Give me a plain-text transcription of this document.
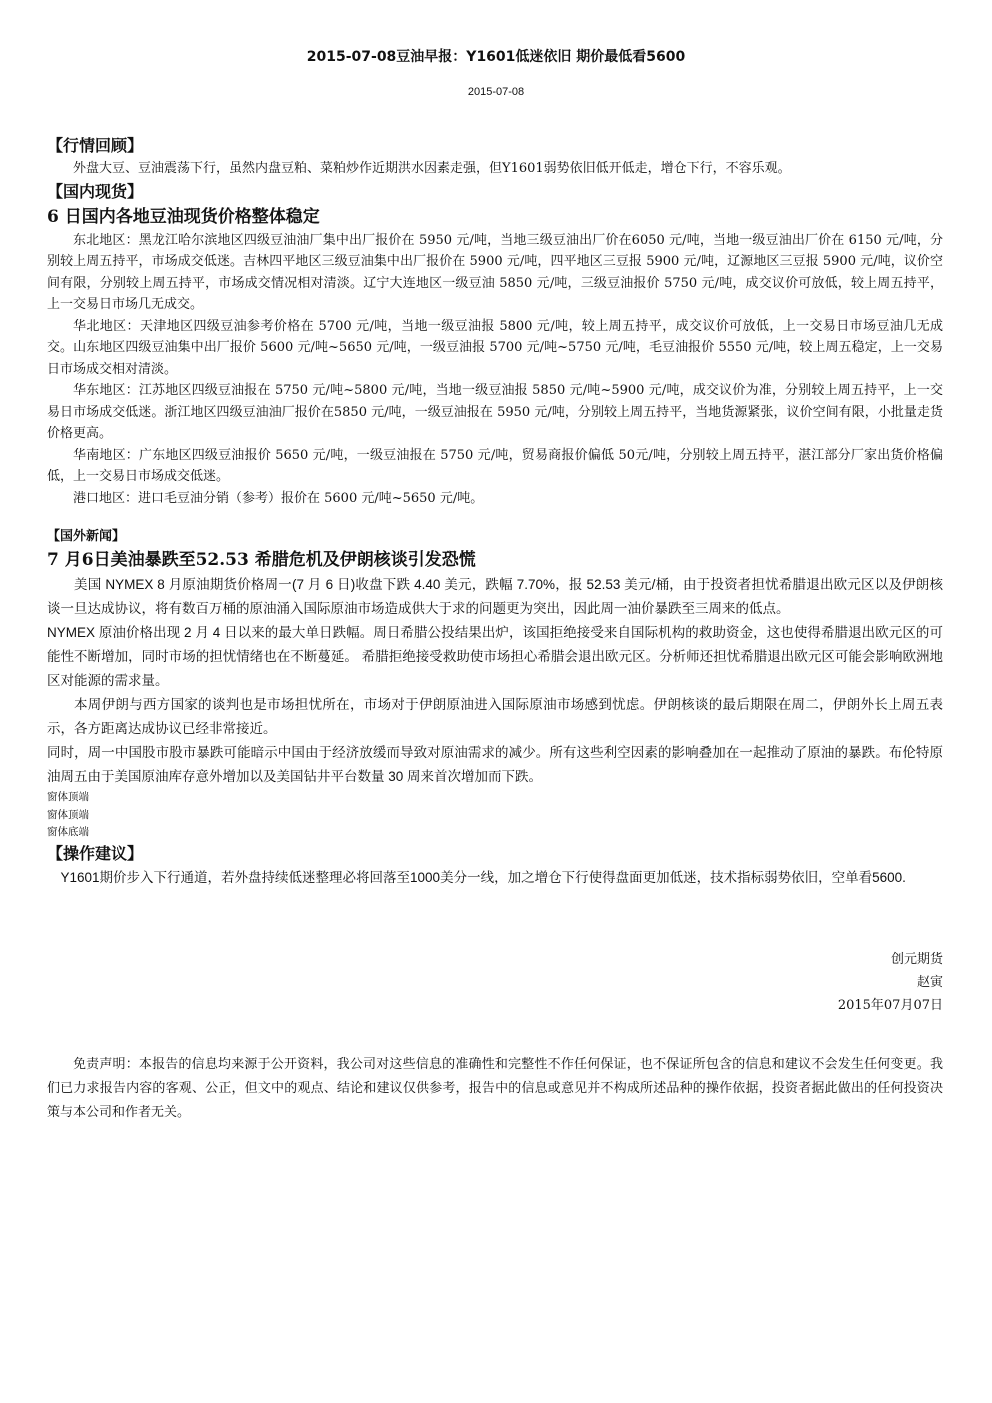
2015-07-08豆油早报：Y1601低迷依旧 期价最低看5600
2015-07-08
【行情回顾】

外盘大豆、豆油震荡下行，虽然内盘豆粕、菜粕炒作近期洪水因素走强，但Y1601弱势依旧低开低走，增仓下行，不容乐观。

【国内现货】
6 日国内各地豆油现货价格整体稳定

东北地区：黑龙江哈尔滨地区四级豆油油厂集中出厂报价在 5950 元/吨，当地三级豆油出厂价在6050 元/吨，当地一级豆油出厂价在 6150 元/吨，分别较上周五持平，市场成交低迷。吉林四平地区三级豆油集中出厂报价在 5900 元/吨，四平地区三豆报 5900 元/吨，辽源地区三豆报 5900 元/吨，议价空间有限，分别较上周五持平，市场成交情况相对清淡。辽宁大连地区一级豆油 5850 元/吨，三级豆油报价 5750 元/吨，成交议价可放低，较上周五持平，上一交易日市场几无成交。

华北地区：天津地区四级豆油参考价格在 5700 元/吨，当地一级豆油报 5800 元/吨，较上周五持平，成交议价可放低，上一交易日市场豆油几无成交。山东地区四级豆油集中出厂报价 5600 元/吨~5650 元/吨，一级豆油报 5700 元/吨~5750 元/吨，毛豆油报价 5550 元/吨，较上周五稳定，上一交易日市场成交相对清淡。

华东地区：江苏地区四级豆油报在 5750 元/吨~5800 元/吨，当地一级豆油报 5850 元/吨~5900 元/吨，成交议价为准，分别较上周五持平，上一交易日市场成交低迷。浙江地区四级豆油油厂报价在5850 元/吨，一级豆油报在 5950 元/吨，分别较上周五持平，当地货源紧张，议价空间有限，小批量走货价格更高。

华南地区：广东地区四级豆油报价 5650 元/吨，一级豆油报在 5750 元/吨，贸易商报价偏低 50元/吨，分别较上周五持平，湛江部分厂家出货价格偏低，上一交易日市场成交低迷。

港口地区：进口毛豆油分销（参考）报价在 5600 元/吨~5650 元/吨。

【国外新闻】
7 月6日美油暴跌至52.53 希腊危机及伊朗核谈引发恐慌

美国 NYMEX 8 月原油期货价格周一(7 月 6 日)收盘下跌 4.40 美元，跌幅 7.70%，报 52.53 美元/桶，由于投资者担忧希腊退出欧元区以及伊朗核谈一旦达成协议，将有数百万桶的原油涌入国际原油市场造成供大于求的问题更为突出，因此周一油价暴跌至三周来的低点。

NYMEX 原油价格出现 2 月 4 日以来的最大单日跌幅。周日希腊公投结果出炉，该国拒绝接受来自国际机构的救助资金，这也使得希腊退出欧元区的可能性不断增加，同时市场的担忧情绪也在不断蔓延。 希腊拒绝接受救助使市场担心希腊会退出欧元区。分析师还担忧希腊退出欧元区可能会影响欧洲地区对能源的需求量。

本周伊朗与西方国家的谈判也是市场担忧所在，市场对于伊朗原油进入国际原油市场感到忧虑。伊朗核谈的最后期限在周二，伊朗外长上周五表示，各方距离达成协议已经非常接近。

同时，周一中国股市股市暴跌可能暗示中国由于经济放缓而导致对原油需求的减少。所有这些利空因素的影响叠加在一起推动了原油的暴跌。布伦特原油周五由于美国原油库存意外增加以及美国钻井平台数量 30 周来首次增加而下跌。

窗体顶端
窗体顶端
窗体底端
【操作建议】

Y1601期价步入下行通道，若外盘持续低迷整理必将回落至1000美分一线，加之增仓下行使得盘面更加低迷，技术指标弱势依旧，空单看5600.

创元期货
赵寅
2015年07月07日

免责声明：本报告的信息均来源于公开资料，我公司对这些信息的准确性和完整性不作任何保证，也不保证所包含的信息和建议不会发生任何变更。我们已力求报告内容的客观、公正，但文中的观点、结论和建议仅供参考，报告中的信息或意见并不构成所述品种的操作依据，投资者据此做出的任何投资决策与本公司和作者无关。
